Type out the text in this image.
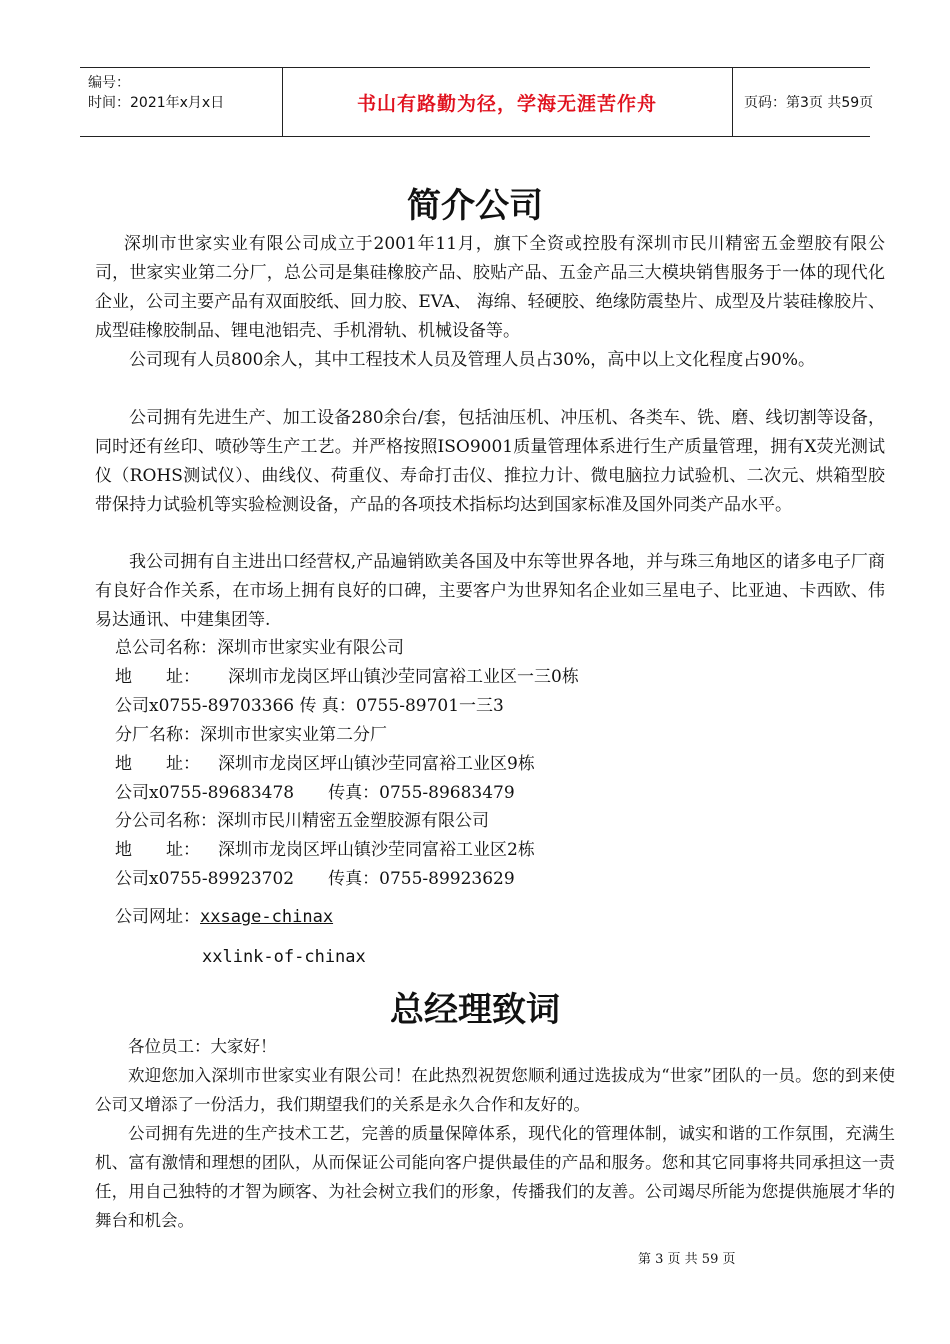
编号：
时间：2021年x月x日	书山有路勤为径，学海无涯苦作舟	页码：第3页 共59页
简介公司

深圳市世家实业有限公司成立于2001年11月，旗下全资或控股有深圳市民川精密五金塑胶有限公司，世家实业第二分厂，总公司是集硅橡胶产品、胶贴产品、五金产品三大模块销售服务于一体的现代化企业，公司主要产品有双面胶纸、回力胶、EVA、 海绵、轻硬胶、绝缘防震垫片、成型及片装硅橡胶片、成型硅橡胶制品、锂电池铝壳、手机滑轨、机械设备等。

公司现有人员800余人，其中工程技术人员及管理人员占30%，高中以上文化程度占90%。

公司拥有先进生产、加工设备280余台/套，包括油压机、冲压机、各类车、铣、磨、线切割等设备，同时还有丝印、喷砂等生产工艺。并严格按照ISO9001质量管理体系进行生产质量管理，拥有X荧光测试仪（ROHS测试仪）、曲线仪、荷重仪、寿命打击仪、推拉力计、微电脑拉力试验机、二次元、烘箱型胶带保持力试验机等实验检测设备，产品的各项技术指标均达到国家标准及国外同类产品水平。

我公司拥有自主进出口经营权,产品遍销欧美各国及中东等世界各地，并与珠三角地区的诸多电子厂商有良好合作关系，在市场上拥有良好的口碑，主要客户为世界知名企业如三星电子、比亚迪、卡西欧、伟易达通讯、中建集团等.

总公司名称：深圳市世家实业有限公司
地　　址： 深圳市龙岗区坪山镇沙茔同富裕工业区一三0栋
公司x0755-89703366 传 真：0755-89701一三3
分厂名称：深圳市世家实业第二分厂
地　　址： 深圳市龙岗区坪山镇沙茔同富裕工业区9栋
公司x0755-89683478　　传真：0755-89683479
分公司名称：深圳市民川精密五金塑胶源有限公司
地　　址： 深圳市龙岗区坪山镇沙茔同富裕工业区2栋
公司x0755-89923702　　传真：0755-89923629
公司网址：xxsage-chinax
xxlink-of-chinax
总经理致词

各位员工：大家好！

欢迎您加入深圳市世家实业有限公司！在此热烈祝贺您顺利通过选拔成为“世家”团队的一员。您的到来使公司又增添了一份活力，我们期望我们的关系是永久合作和友好的。

公司拥有先进的生产技术工艺，完善的质量保障体系，现代化的管理体制，诚实和谐的工作氛围，充满生机、富有激情和理想的团队，从而保证公司能向客户提供最佳的产品和服务。您和其它同事将共同承担这一责任，用自己独特的才智为顾客、为社会树立我们的形象，传播我们的友善。公司竭尽所能为您提供施展才华的舞台和机会。

第 3 页 共 59 页
